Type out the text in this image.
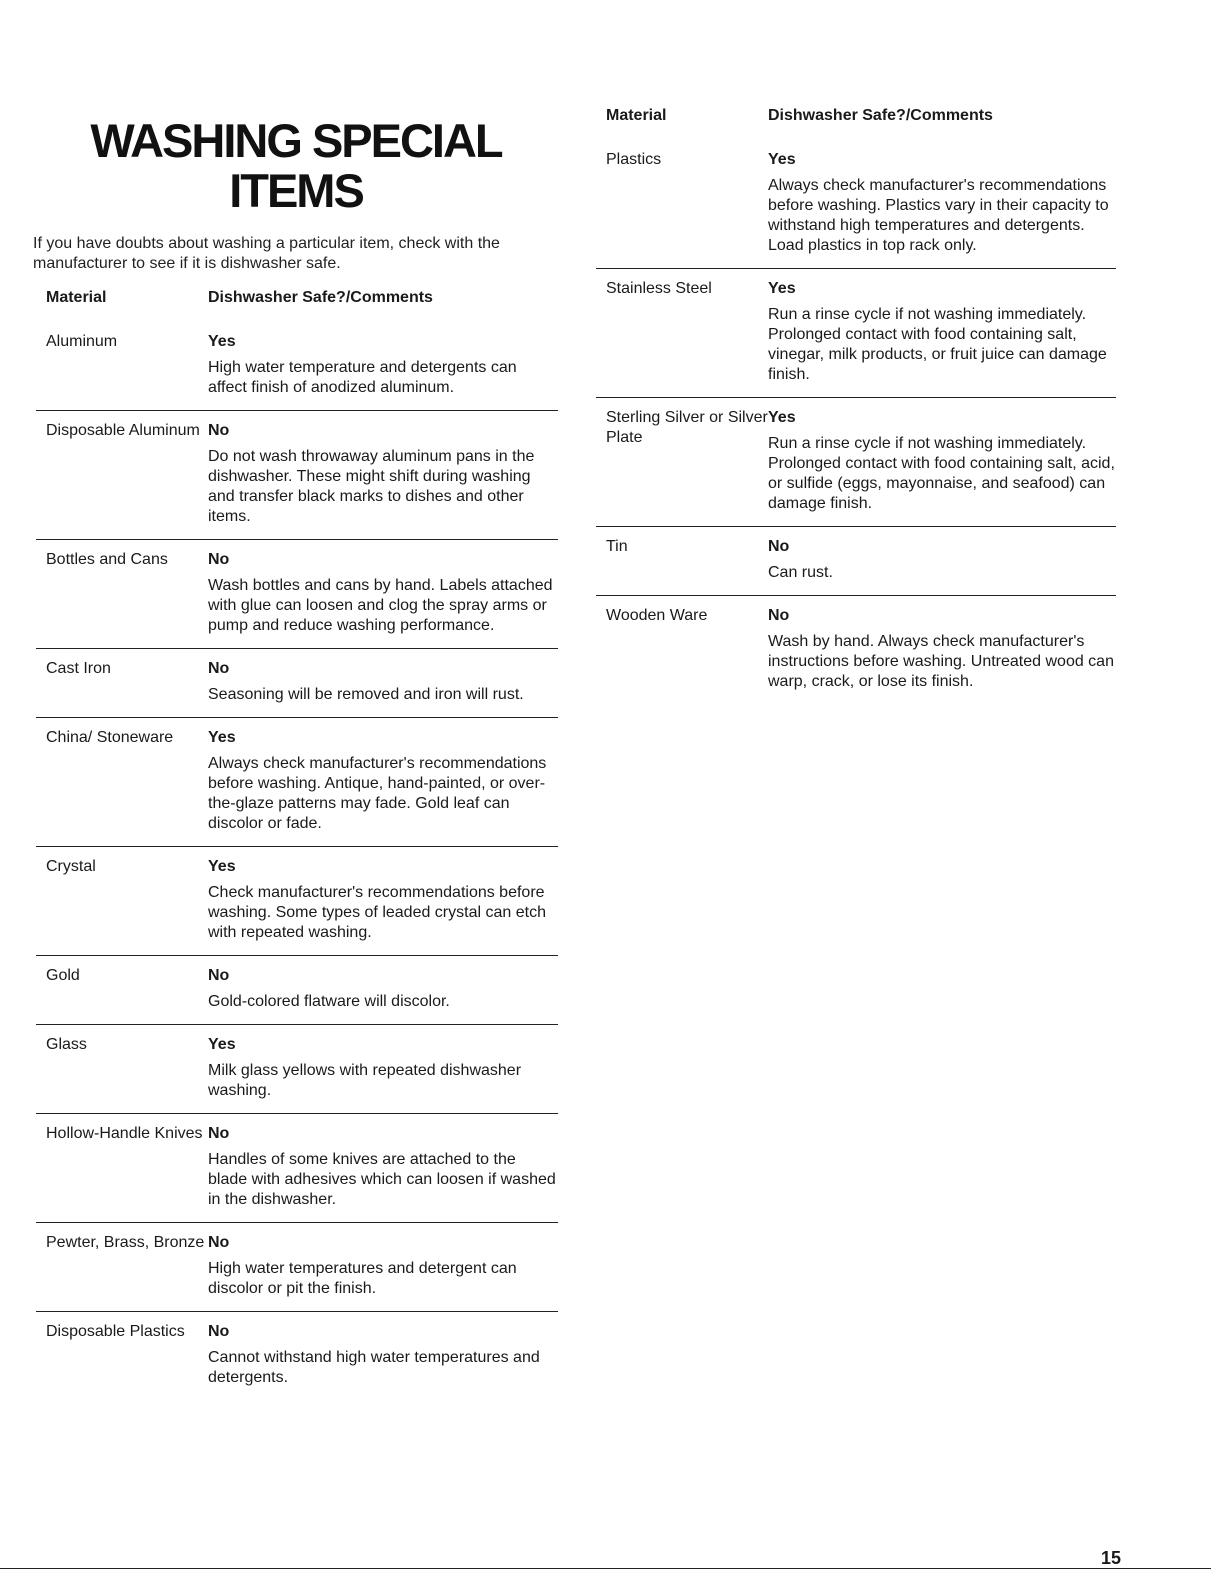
WASHING SPECIAL
ITEMS

If you have doubts about washing a particular item, check with the manufacturer to see if it is dishwasher safe.

Material	Dishwasher Safe?/Comments
Aluminum	Yes
High water temperature and detergents can affect finish of anodized aluminum.
Disposable Aluminum No
Do not wash throwaway aluminum pans in the dishwasher. These might shift during washing and transfer black marks to dishes and other items.
Bottles and Cans	No
Wash bottles and cans by hand. Labels attached with glue can loosen and clog the spray arms or pump and reduce washing performance.
Cast Iron	No
Seasoning will be removed and iron will rust.
China/ Stoneware	Yes
Always check manufacturer's recommendations before washing. Antique, hand-painted, or over-the-glaze patterns may fade. Gold leaf can discolor or fade.
Crystal	Yes
Check manufacturer's recommendations before washing. Some types of leaded crystal can etch with repeated washing.
Gold	No
Gold-colored flatware will discolor.
Glass	Yes
Milk glass yellows with repeated dishwasher washing.
Hollow-Handle Knives No
Handles of some knives are attached to the blade with adhesives which can loosen if washed in the dishwasher.
Pewter, Brass, Bronze No
High water temperatures and detergent can discolor or pit the finish.
Disposable Plastics	No
Cannot withstand high water temperatures and detergents.
Material	Dishwasher Safe?/Comments
Plastics	Yes
Always check manufacturer's recommendations before washing. Plastics vary in their capacity to withstand high temperatures and detergents. Load plastics in top rack only.
Stainless Steel	Yes
Run a rinse cycle if not washing immediately. Prolonged contact with food containing salt, vinegar, milk products, or fruit juice can damage finish.
Sterling Silver or Silver Plate
Yes
Run a rinse cycle if not washing immediately. Prolonged contact with food containing salt, acid, or sulfide (eggs, mayonnaise, and seafood) can damage finish.
Tin	No
Can rust.
Wooden Ware	No
Wash by hand. Always check manufacturer's instructions before washing. Untreated wood can warp, crack, or lose its finish.
15
